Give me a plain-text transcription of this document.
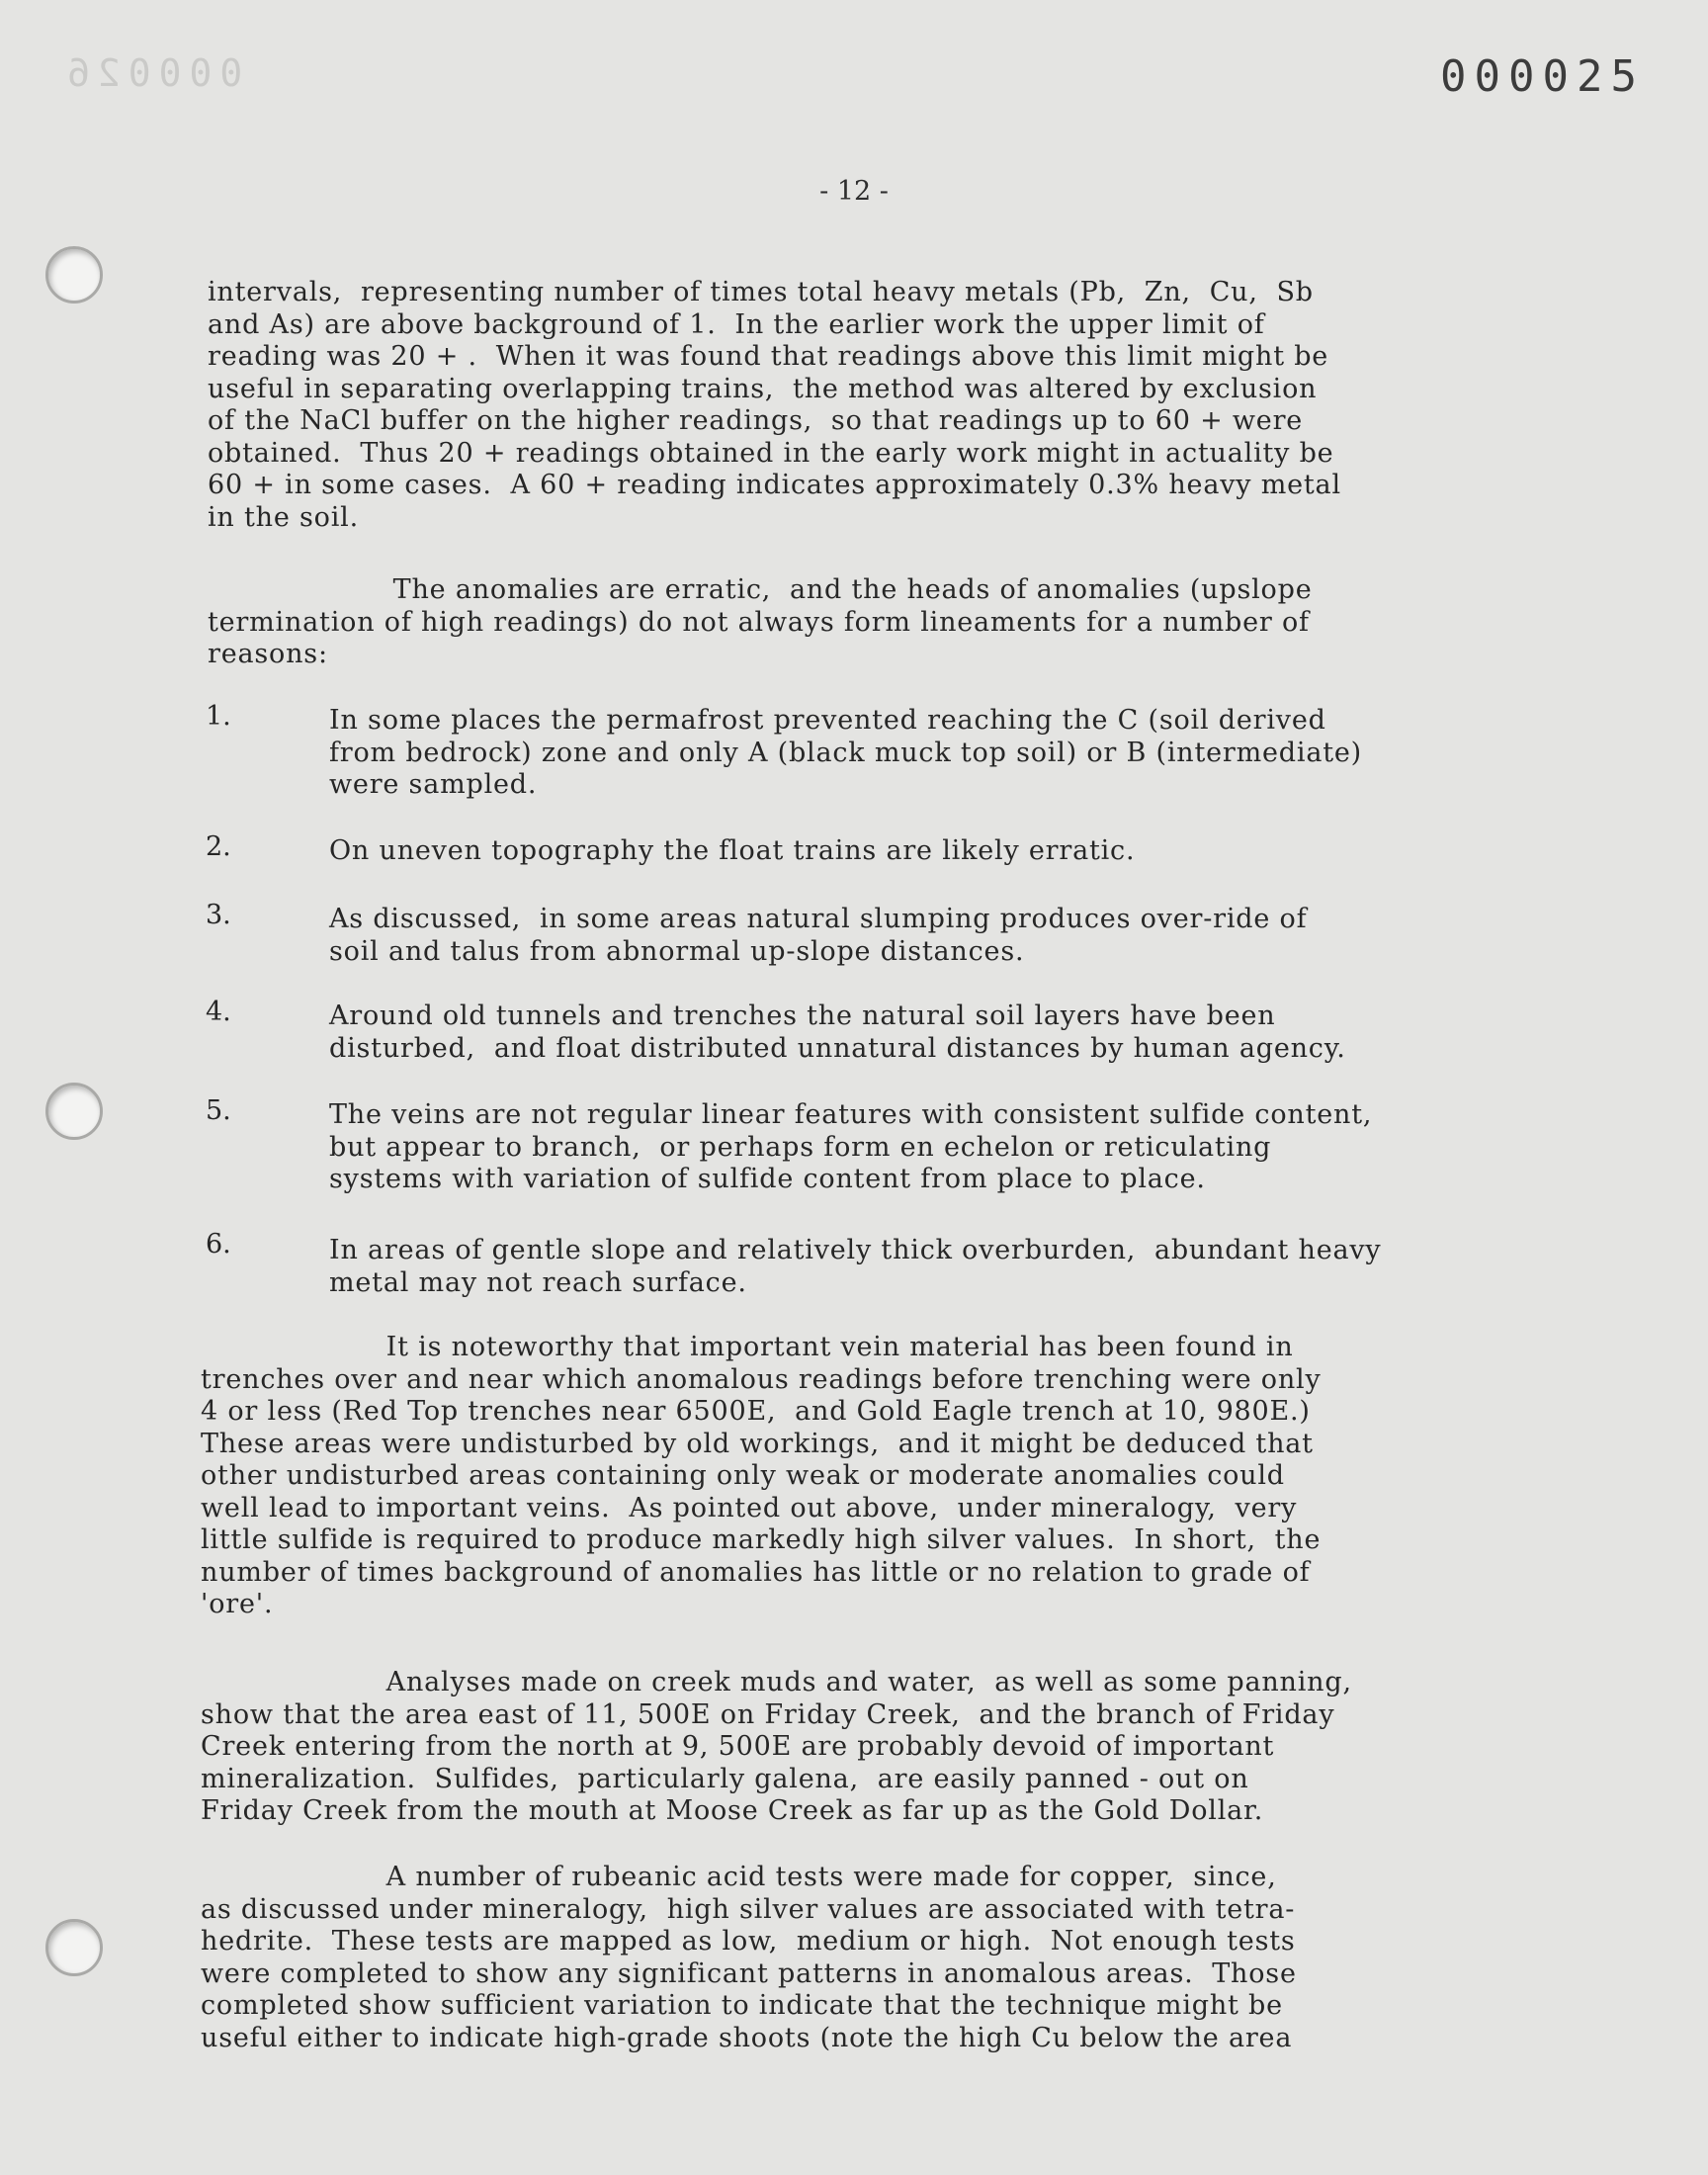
000026	000025
- 12 -
intervals,  representing number of times total heavy metals (Pb,  Zn,  Cu,  Sb
and As) are above background of 1.  In the earlier work the upper limit of
reading was 20 + .  When it was found that readings above this limit might be
useful in separating overlapping trains,  the method was altered by exclusion
of the NaCl buffer on the higher readings,  so that readings up to 60 + were
obtained.  Thus 20 + readings obtained in the early work might in actuality be
60 + in some cases.  A 60 + reading indicates approximately 0.3% heavy metal
in the soil.
The anomalies are erratic,  and the heads of anomalies (upslope
termination of high readings) do not always form lineaments for a number of
reasons:
1.	In some places the permafrost prevented reaching the C (soil derived
from bedrock) zone and only A (black muck top soil) or B (intermediate)
were sampled.
2.	On uneven topography the float trains are likely erratic.
3.	As discussed,  in some areas natural slumping produces over-ride of
soil and talus from abnormal up-slope distances.
4.	Around old tunnels and trenches the natural soil layers have been
disturbed,  and float distributed unnatural distances by human agency.
5.	The veins are not regular linear features with consistent sulfide content,
but appear to branch,  or perhaps form en echelon or reticulating
systems with variation of sulfide content from place to place.
6.	In areas of gentle slope and relatively thick overburden,  abundant heavy
metal may not reach surface.
It is noteworthy that important vein material has been found in
trenches over and near which anomalous readings before trenching were only
4 or less (Red Top trenches near 6500E,  and Gold Eagle trench at 10, 980E.)
These areas were undisturbed by old workings,  and it might be deduced that
other undisturbed areas containing only weak or moderate anomalies could
well lead to important veins.  As pointed out above,  under mineralogy,  very
little sulfide is required to produce markedly high silver values.  In short,  the
number of times background of anomalies has little or no relation to grade of
'ore'.
Analyses made on creek muds and water,  as well as some panning,
show that the area east of 11, 500E on Friday Creek,  and the branch of Friday
Creek entering from the north at 9, 500E are probably devoid of important
mineralization.  Sulfides,  particularly galena,  are easily panned - out on
Friday Creek from the mouth at Moose Creek as far up as the Gold Dollar.
A number of rubeanic acid tests were made for copper,  since,
as discussed under mineralogy,  high silver values are associated with tetra-
hedrite.  These tests are mapped as low,  medium or high.  Not enough tests
were completed to show any significant patterns in anomalous areas.  Those
completed show sufficient variation to indicate that the technique might be
useful either to indicate high-grade shoots (note the high Cu below the area
